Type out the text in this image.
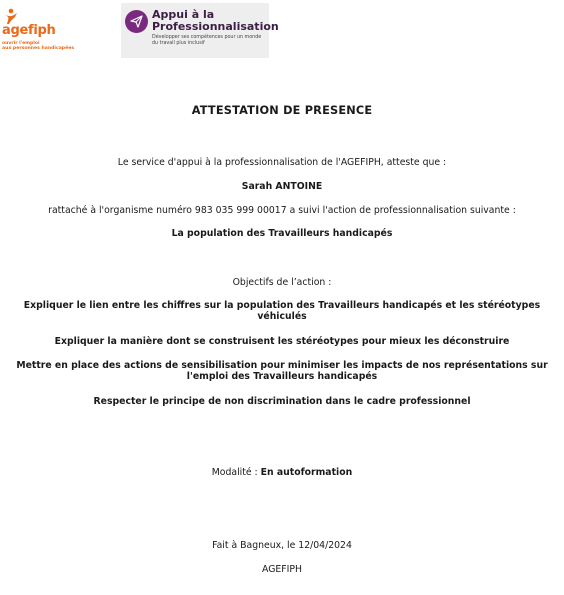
agefiph
ouvrir l'emploi
aux personnes handicapées
Appui à la
Professionnalisation
Développer ses compétences pour un monde du travail plus inclusif
ATTESTATION DE PRESENCE
Le service d'appui à la professionnalisation de l'AGEFIPH, atteste que :
Sarah ANTOINE
rattaché à l'organisme numéro 983 035 999 00017 a suivi l'action de professionnalisation suivante :
La population des Travailleurs handicapés
Objectifs de l’action :
Expliquer le lien entre les chiffres sur la population des Travailleurs handicapés et les stéréotypes véhiculés
Expliquer la manière dont se construisent les stéréotypes pour mieux les déconstruire
Mettre en place des actions de sensibilisation pour minimiser les impacts de nos représentations sur l'emploi des Travailleurs handicapés
Respecter le principe de non discrimination dans le cadre professionnel
Modalité : En autoformation
Fait à Bagneux, le 12/04/2024
AGEFIPH
